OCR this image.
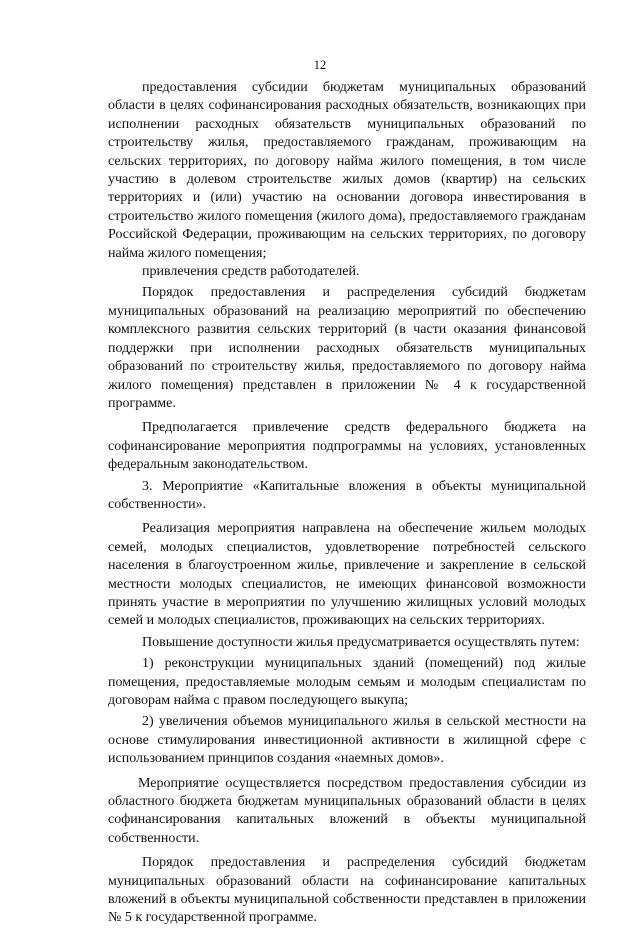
12

предоставления субсидии бюджетам муниципальных образований области в целях софинансирования расходных обязательств, возникающих при исполнении расходных обязательств муниципальных образований по строительству жилья, предоставляемого гражданам, проживающим на сельских территориях, по договору найма жилого помещения, в том числе участию в долевом строительстве жилых домов (квартир) на сельских территориях и (или) участию на основании договора инвестирования в строительство жилого помещения (жилого дома), предоставляемого гражданам Российской Федерации, проживающим на сельских территориях, по договору найма жилого помещения;

привлечения средств работодателей.

Порядок предоставления и распределения субсидий бюджетам муниципальных образований на реализацию мероприятий по обеспечению комплексного развития сельских территорий (в части оказания финансовой поддержки при исполнении расходных обязательств муниципальных образований по строительству жилья, предоставляемого по договору найма жилого помещения) представлен в приложении № 4 к государственной программе.

Предполагается привлечение средств федерального бюджета на софинансирование мероприятия подпрограммы на условиях, установленных федеральным законодательством.

3. Мероприятие «Капитальные вложения в объекты муниципальной собственности».

Реализация мероприятия направлена на обеспечение жильем молодых семей, молодых специалистов, удовлетворение потребностей сельского населения в благоустроенном жилье, привлечение и закрепление в сельской местности молодых специалистов, не имеющих финансовой возможности принять участие в мероприятии по улучшению жилищных условий молодых семей и молодых специалистов, проживающих на сельских территориях.

Повышение доступности жилья предусматривается осуществлять путем:

1) реконструкции муниципальных зданий (помещений) под жилые помещения, предоставляемые молодым семьям и молодым специалистам по договорам найма с правом последующего выкупа;

2) увеличения объемов муниципального жилья в сельской местности на основе стимулирования инвестиционной активности в жилищной сфере с использованием принципов создания «наемных домов».

Мероприятие осуществляется посредством предоставления субсидии из областного бюджета бюджетам муниципальных образований области в целях софинансирования капитальных вложений в объекты муниципальной собственности.

Порядок предоставления и распределения субсидий бюджетам муниципальных образований области на софинансирование капитальных вложений в объекты муниципальной собственности представлен в приложении № 5 к государственной программе.
